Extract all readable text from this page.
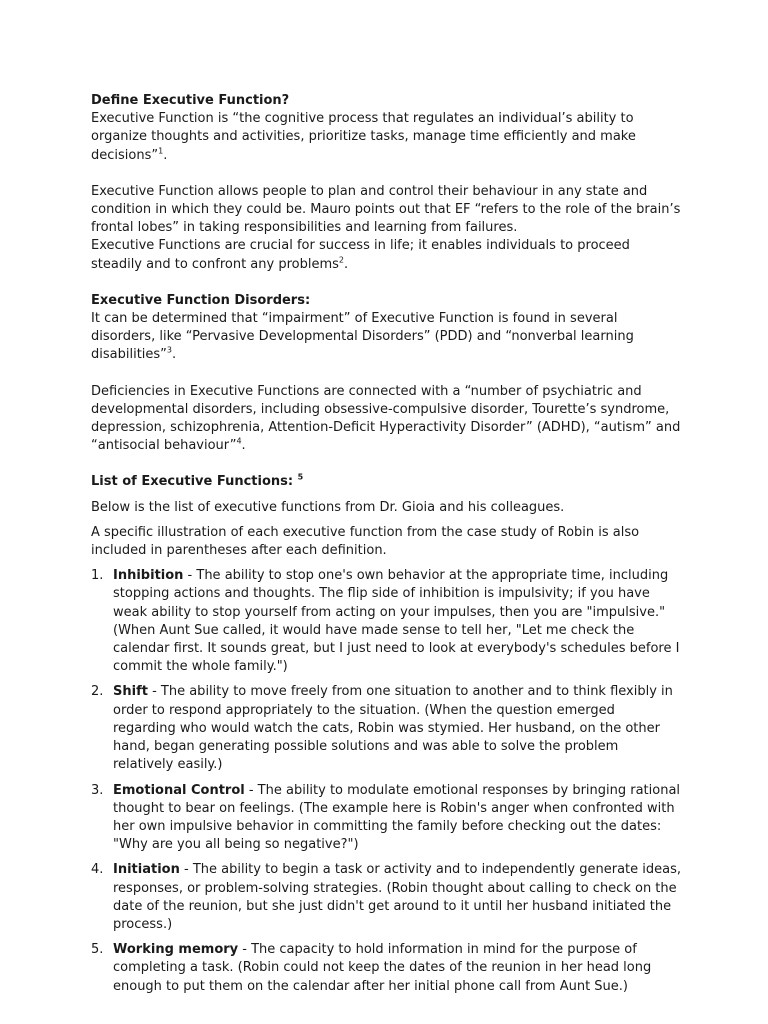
Define Executive Function?

Executive Function is “the cognitive process that regulates an individual’s ability to organize thoughts and activities, prioritize tasks, manage time efficiently and make decisions”$^1$.

Executive Function allows people to plan and control their behaviour in any state and condition in which they could be. Mauro points out that EF “refers to the role of the brain’s frontal lobes” in taking responsibilities and learning from failures.

Executive Functions are crucial for success in life; it enables individuals to proceed steadily and to confront any problems$^2$.

Executive Function Disorders:

It can be determined that “impairment” of Executive Function is found in several disorders, like “Pervasive Developmental Disorders” (PDD) and “nonverbal learning disabilities”$^3$.

Deficiencies in Executive Functions are connected with a “number of psychiatric and developmental disorders, including obsessive-compulsive disorder, Tourette’s syndrome, depression, schizophrenia, Attention-Deficit Hyperactivity Disorder” (ADHD), “autism” and “antisocial behaviour”$^4$.

List of Executive Functions: $^5$

Below is the list of executive functions from Dr. Gioia and his colleagues.

A specific illustration of each executive function from the case study of Robin is also included in parentheses after each definition.

1. Inhibition - The ability to stop one's own behavior at the appropriate time, including stopping actions and thoughts. The flip side of inhibition is impulsivity; if you have weak ability to stop yourself from acting on your impulses, then you are "impulsive." (When Aunt Sue called, it would have made sense to tell her, "Let me check the calendar first. It sounds great, but I just need to look at everybody's schedules before I commit the whole family.")
2. Shift - The ability to move freely from one situation to another and to think flexibly in order to respond appropriately to the situation. (When the question emerged regarding who would watch the cats, Robin was stymied. Her husband, on the other hand, began generating possible solutions and was able to solve the problem relatively easily.)
3. Emotional Control - The ability to modulate emotional responses by bringing rational thought to bear on feelings. (The example here is Robin's anger when confronted with her own impulsive behavior in committing the family before checking out the dates: "Why are you all being so negative?")
4. Initiation - The ability to begin a task or activity and to independently generate ideas, responses, or problem-solving strategies. (Robin thought about calling to check on the date of the reunion, but she just didn't get around to it until her husband initiated the process.)
5. Working memory - The capacity to hold information in mind for the purpose of completing a task. (Robin could not keep the dates of the reunion in her head long enough to put them on the calendar after her initial phone call from Aunt Sue.)
